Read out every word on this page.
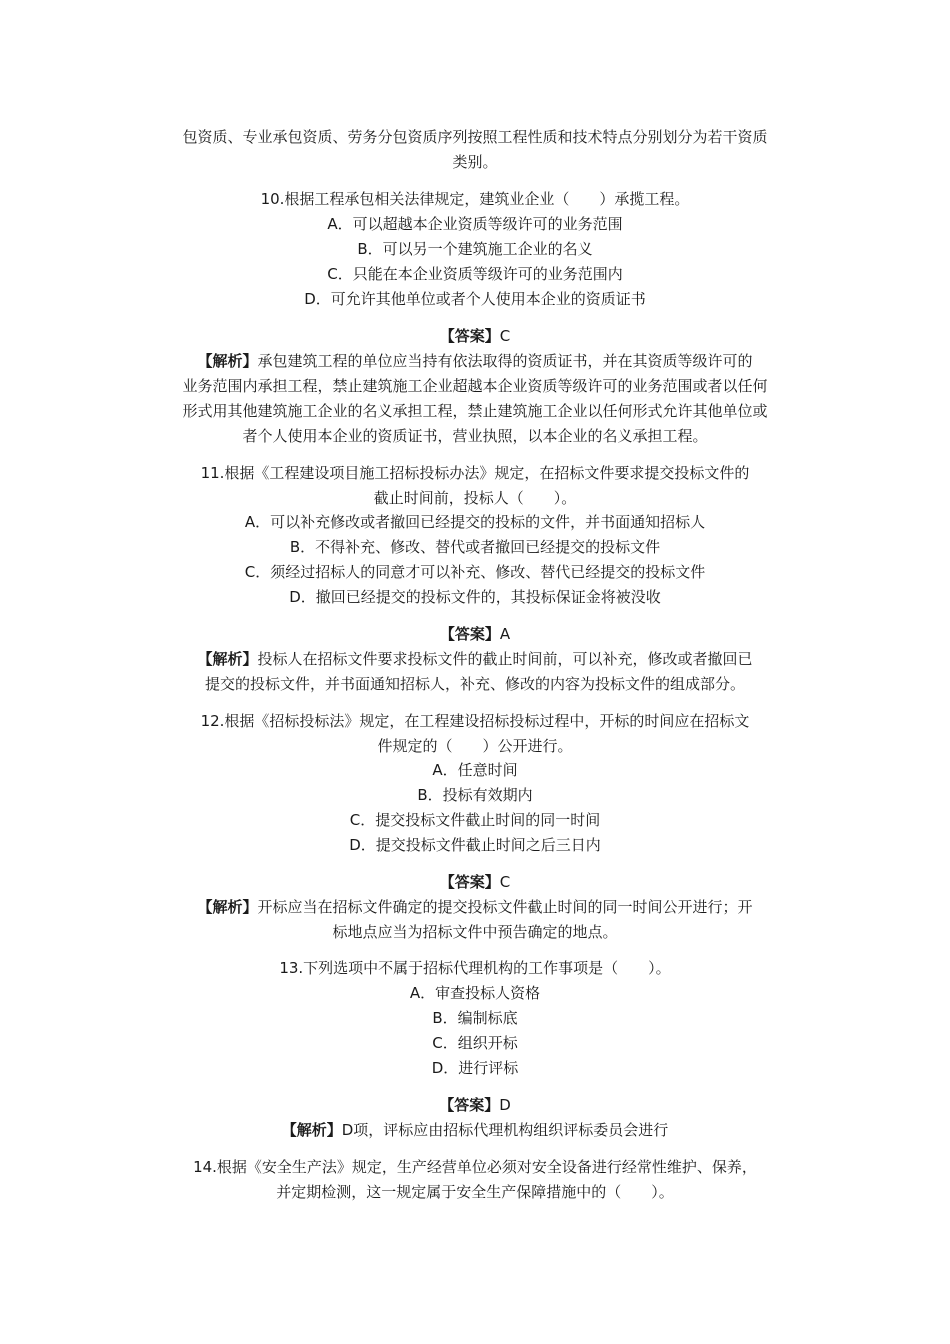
包资质、专业承包资质、劳务分包资质序列按照工程性质和技术特点分别划分为若干资质
类别。
10.根据工程承包相关法律规定，建筑业企业（　　）承揽工程。
A．可以超越本企业资质等级许可的业务范围
B．可以另一个建筑施工企业的名义
C．只能在本企业资质等级许可的业务范围内
D．可允许其他单位或者个人使用本企业的资质证书
【答案】C
【解析】承包建筑工程的单位应当持有依法取得的资质证书，并在其资质等级许可的
业务范围内承担工程，禁止建筑施工企业超越本企业资质等级许可的业务范围或者以任何
形式用其他建筑施工企业的名义承担工程，禁止建筑施工企业以任何形式允许其他单位或
者个人使用本企业的资质证书，营业执照，以本企业的名义承担工程。
11.根据《工程建设项目施工招标投标办法》规定，在招标文件要求提交投标文件的
截止时间前，投标人（　　）。
A．可以补充修改或者撤回已经提交的投标的文件，并书面通知招标人
B．不得补充、修改、替代或者撤回已经提交的投标文件
C．须经过招标人的同意才可以补充、修改、替代已经提交的投标文件
D．撤回已经提交的投标文件的，其投标保证金将被没收
【答案】A
【解析】投标人在招标文件要求投标文件的截止时间前，可以补充，修改或者撤回已
提交的投标文件，并书面通知招标人，补充、修改的内容为投标文件的组成部分。
12.根据《招标投标法》规定，在工程建设招标投标过程中，开标的时间应在招标文
件规定的（　　）公开进行。
A．任意时间
B．投标有效期内
C．提交投标文件截止时间的同一时间
D．提交投标文件截止时间之后三日内
【答案】C
【解析】开标应当在招标文件确定的提交投标文件截止时间的同一时间公开进行；开
标地点应当为招标文件中预告确定的地点。
13.下列选项中不属于招标代理机构的工作事项是（　　）。
A．审查投标人资格
B．编制标底
C．组织开标
D．进行评标
【答案】D
【解析】D项，评标应由招标代理机构组织评标委员会进行
14.根据《安全生产法》规定，生产经营单位必须对安全设备进行经常性维护、保养，
并定期检测，这一规定属于安全生产保障措施中的（　　）。
